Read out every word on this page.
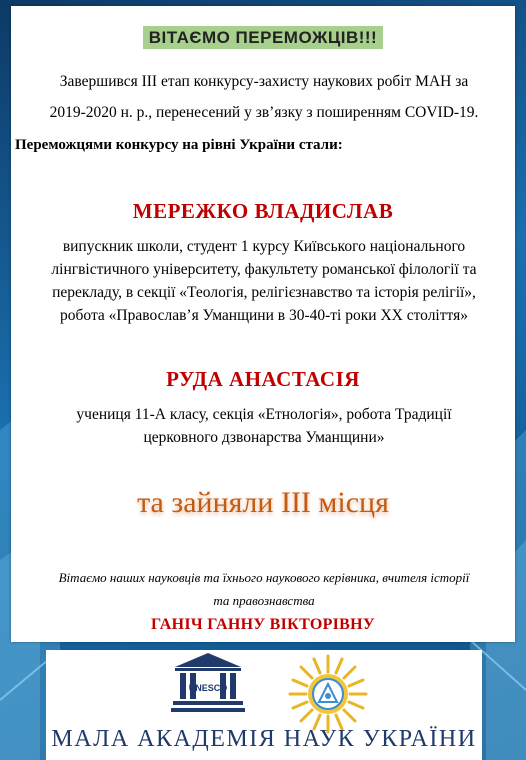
ВІТАЄМО ПЕРЕМОЖЦІВ!!!
Завершився ІІІ етап конкурсу-захисту наукових робіт МАН за
2019-2020 н. р., перенесений у зв’язку з поширенням COVID-19.
Переможцями конкурсу на рівні України стали:
МЕРЕЖКО ВЛАДИСЛАВ
випускник школи, студент 1 курсу Київського національного
лінгвістичного університету, факультету романської філології та
перекладу, в секції «Теологія, релігієзнавство та історія релігії»,
робота «Православ’я Уманщини в 30-40-ті роки ХХ століття»
РУДА АНАСТАСІЯ
учениця 11-А класу, секція «Етнологія», робота Традиції
церковного дзвонарства Уманщини»
та зайняли ІІІ місця
Вітаємо наших науковців та їхнього наукового керівника, вчителя історії
та правознавства
ГАНІЧ ГАННУ ВІКТОРІВНУ
UNESCO
МАЛА АКАДЕМІЯ НАУК УКРАЇНИ
